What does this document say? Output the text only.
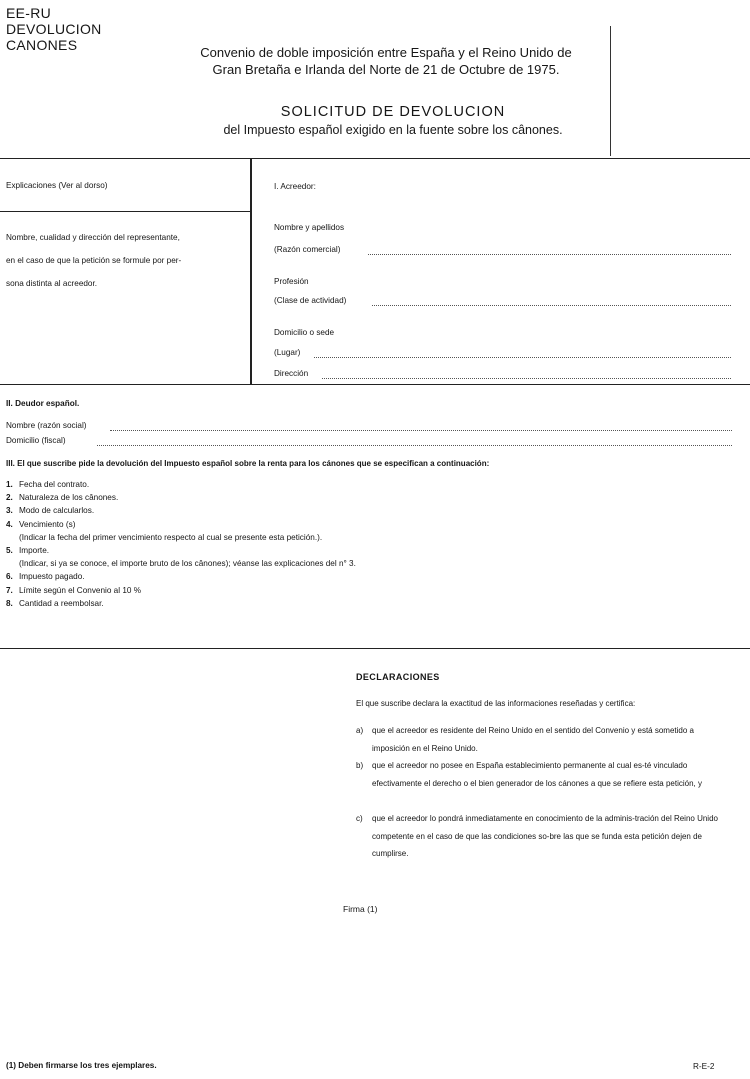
EE-RU
DEVOLUCION
CANONES	Convenio de doble imposición entre España y el Reino Unido de
Gran Bretaña e Irlanda del Norte de 21 de Octubre de 1975.
SOLICITUD DE DEVOLUCION
del Impuesto español exigido en la fuente sobre los cânones.
Explicaciones (Ver al dorso)
Nombre, cualidad y dirección del representante,
en el caso de que la petición se formule por per-
sona distinta al acreedor.
I. Acreedor:
Nombre y apellidos
(Razón comercial)
Profesión
(Clase de actividad)
Domicilio o sede
(Lugar)
Dirección
II. Deudor español.
Nombre (razón social)
Domicilio (fiscal)
III. El que suscribe pide la devolución del Impuesto español sobre la renta para los cánones que se especifican a continuación:
1. Fecha del contrato.
2. Naturaleza de los cânones.
3. Modo de calcularlos.
4. Vencimiento (s)
(Indicar la fecha del primer vencimiento respecto al cual se presente esta petición.).
5. Importe.
(Indicar, si ya se conoce, el importe bruto de los cânones); véanse las explicaciones del n° 3.
6. Impuesto pagado.
7. Límite según el Convenio al 10 %
8. Cantidad a reembolsar.
DECLARACIONES
El que suscribe declara la exactitud de las informaciones reseñadas y certifica:
a) que el acreedor es residente del Reino Unido en el sentido del Convenio y está sometido a imposición en el Reino Unido.
b) que el acreedor no posee en España establecimiento permanente al cual es-té vinculado efectivamente el derecho o el bien generador de los cánones a que se refiere esta petición, y
c) que el acreedor lo pondrá inmediatamente en conocimiento de la adminis-tración del Reino Unido competente en el caso de que las condiciones so-bre las que se funda esta petición dejen de cumplirse.
Firma (1)
(1) Deben firmarse los tres ejemplares.	R-E-2
